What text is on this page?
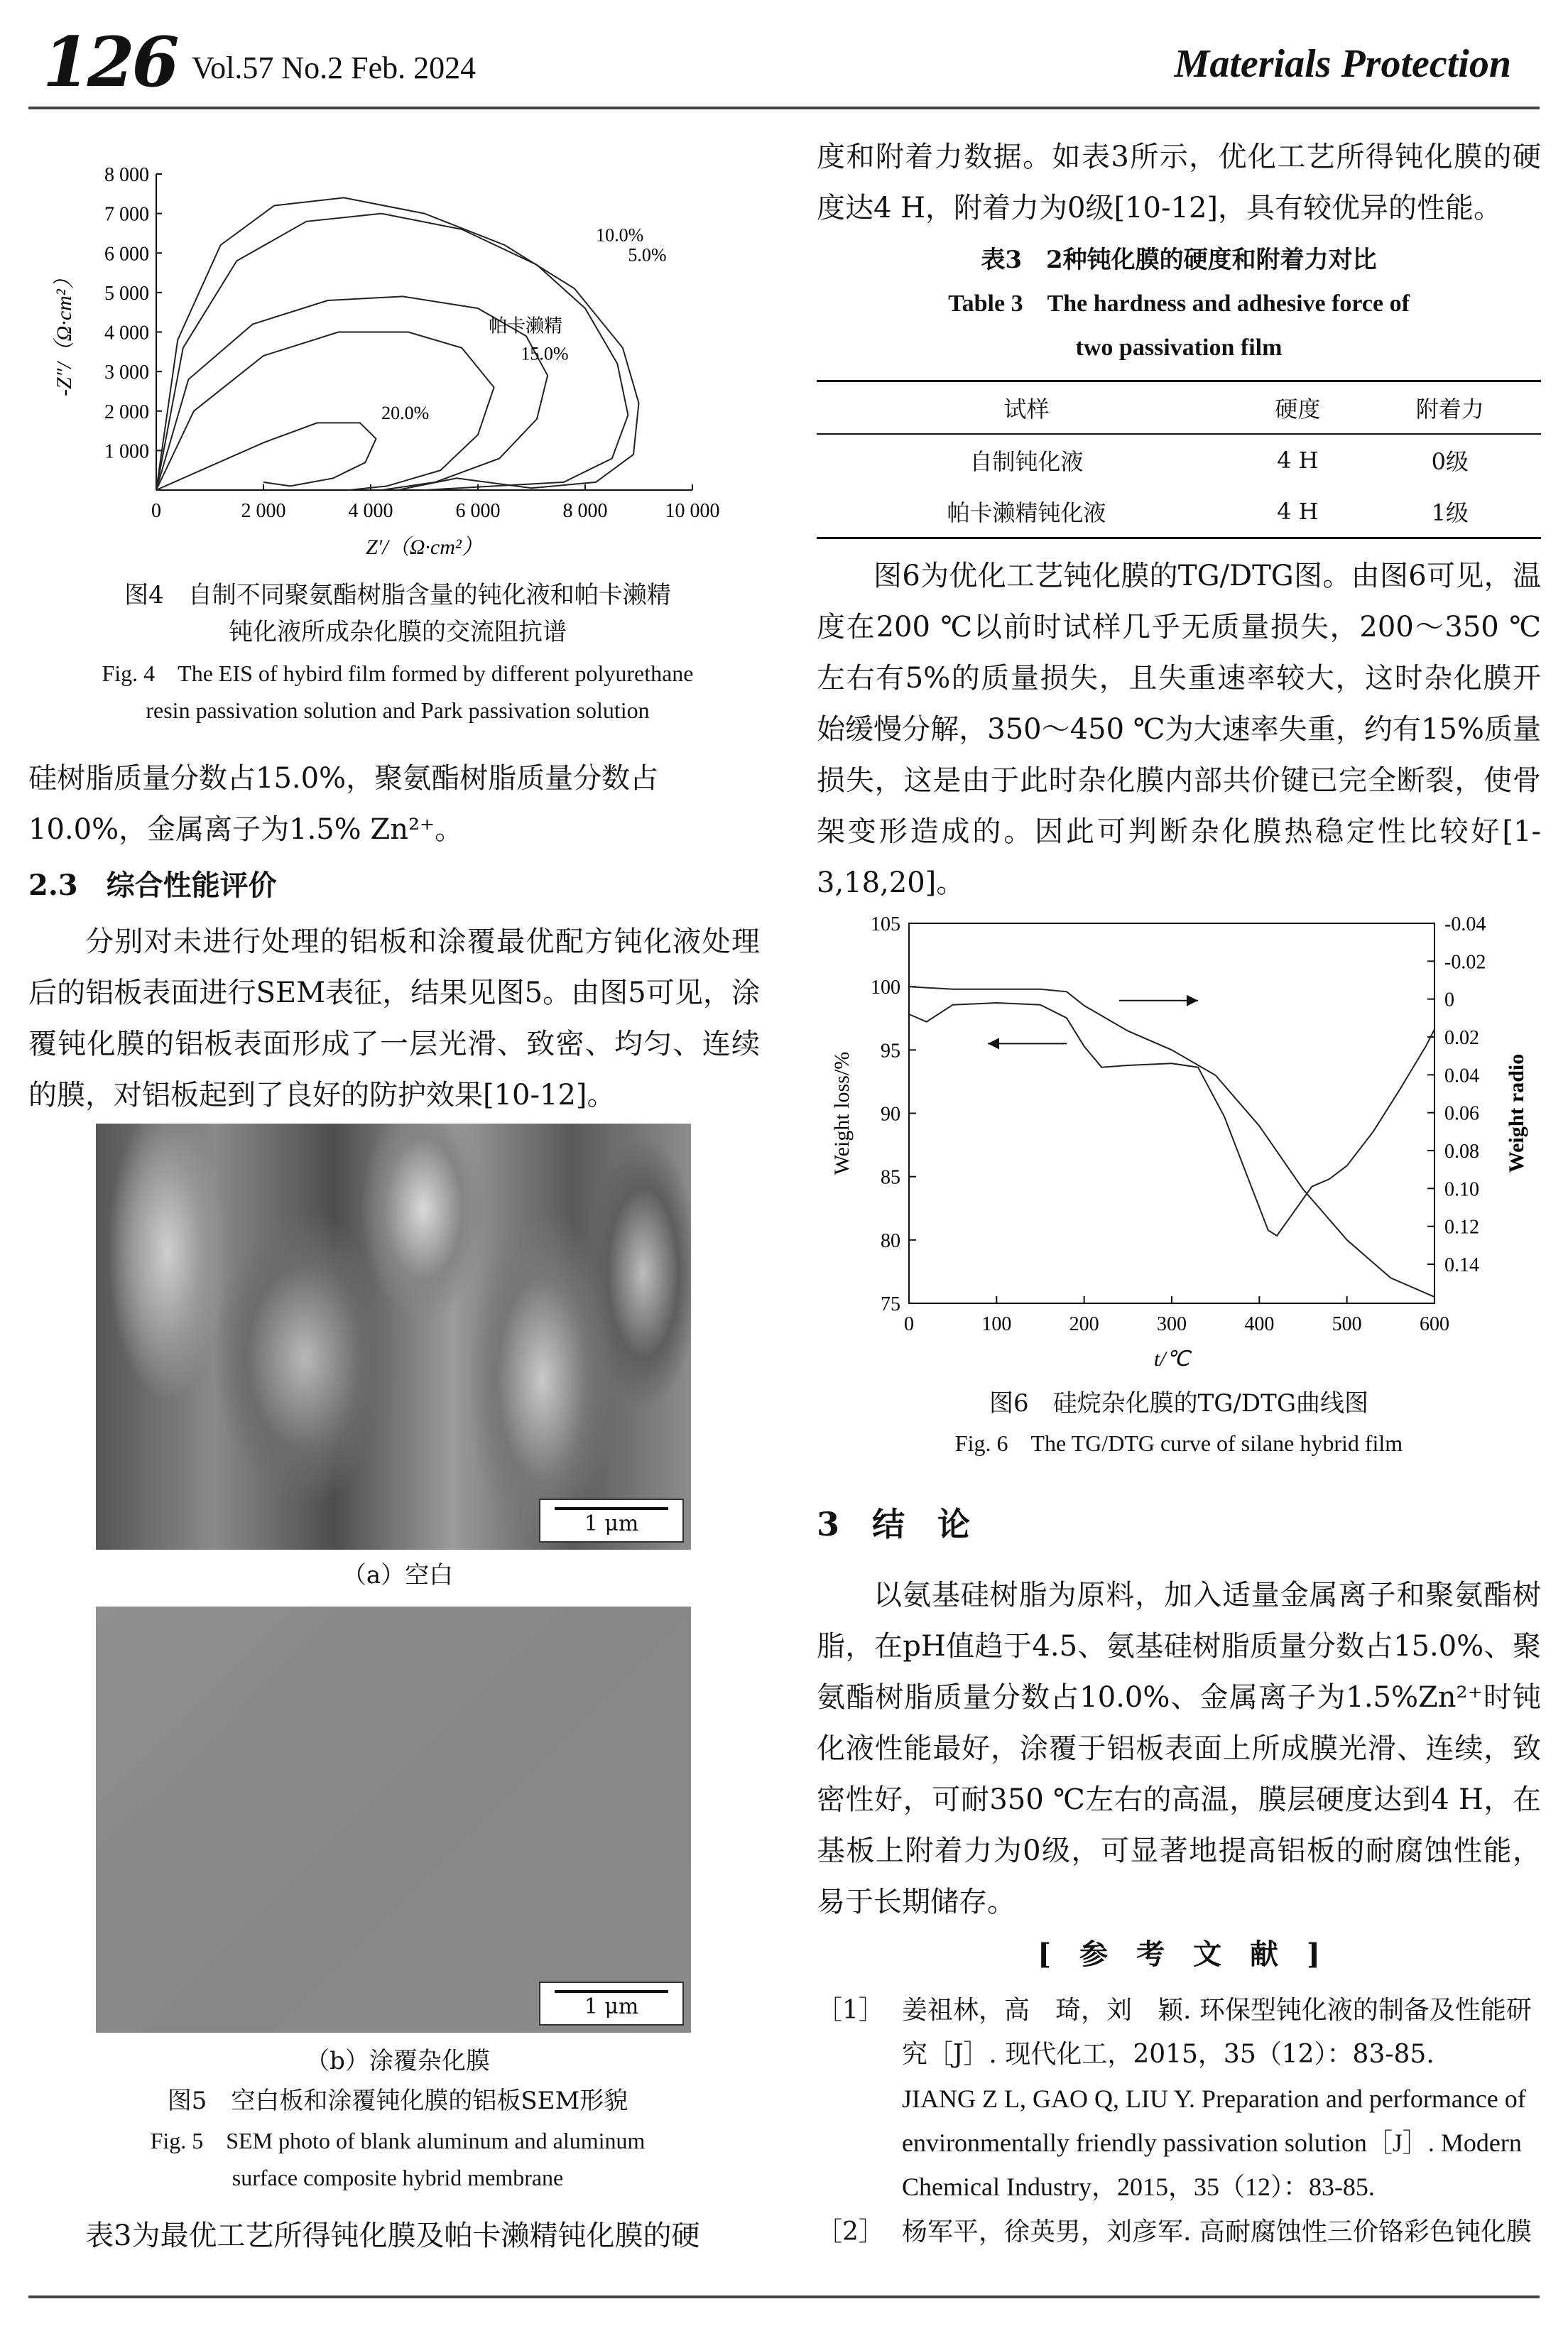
126 Vol.57 No.2 Feb. 2024	Materials Protection
1 000
2 000
3 000
4 000
5 000
6 000
7 000
8 000
0	2 000	4 000	6 000	8 000	10 000
Z′/（Ω·cm²）
-Z″/（Ω·cm²）
10.0%
5.0%
帕卡濑精
15.0%
20.0%
图4　自制不同聚氨酯树脂含量的钝化液和帕卡濑精
钝化液所成杂化膜的交流阻抗谱
Fig. 4　The EIS of hybird film formed by different polyurethane
resin passivation solution and Park passivation solution
硅树脂质量分数占15.0%，聚氨酯树脂质量分数占
10.0%，金属离子为1.5% Zn²⁺。
2.3　综合性能评价
分别对未进行处理的铝板和涂覆最优配方钝化液处理后的铝板表面进行SEM表征，结果见图5。由图5可见，涂覆钝化膜的铝板表面形成了一层光滑、致密、均匀、连续的膜，对铝板起到了良好的防护效果[10-12]。
1 μm
（a）空白
1 μm
（b）涂覆杂化膜
图5　空白板和涂覆钝化膜的铝板SEM形貌
Fig. 5　SEM photo of blank aluminum and aluminum
surface composite hybrid membrane
表3为最优工艺所得钝化膜及帕卡濑精钝化膜的硬
度和附着力数据。如表3所示，优化工艺所得钝化膜的硬度达4 H，附着力为0级[10-12]，具有较优异的性能。
表3　2种钝化膜的硬度和附着力对比
Table 3　The hardness and adhesive force of
two passivation film
试样	硬度	附着力
自制钝化液	4 H	0级
帕卡濑精钝化液	4 H	1级
图6为优化工艺钝化膜的TG/DTG图。由图6可见，温度在200 ℃以前时试样几乎无质量损失，200～350 ℃左右有5%的质量损失，且失重速率较大，这时杂化膜开始缓慢分解，350～450 ℃为大速率失重，约有15%质量损失，这是由于此时杂化膜内部共价键已完全断裂，使骨架变形造成的。因此可判断杂化膜热稳定性比较好[1-3,18,20]。
75
80
85
90
95
100
105	-0.04
-0.02
0
0.02
0.04
0.06
0.08
0.10
0.12
0.14
0	100	200	300	400	500	600
t/℃
Weight loss/%	Weight radio
图6　硅烷杂化膜的TG/DTG曲线图
Fig. 6　The TG/DTG curve of silane hybrid film
3　结　论
以氨基硅树脂为原料，加入适量金属离子和聚氨酯树脂，在pH值趋于4.5、氨基硅树脂质量分数占15.0%、聚氨酯树脂质量分数占10.0%、金属离子为1.5%Zn²⁺时钝化液性能最好，涂覆于铝板表面上所成膜光滑、连续，致密性好，可耐350 ℃左右的高温，膜层硬度达到4 H，在基板上附着力为0级，可显著地提高铝板的耐腐蚀性能，易于长期储存。
[　参　考　文　献　]
［1］ 姜祖林，高　琦，刘　颖. 环保型钝化液的制备及性能研究［J］. 现代化工，2015，35（12）：83-85.
JIANG Z L, GAO Q, LIU Y. Preparation and performance of environmentally friendly passivation solution［J］. Modern Chemical Industry，2015，35（12）：83-85.
［2］ 杨军平，徐英男，刘彦军. 高耐腐蚀性三价铬彩色钝化膜
